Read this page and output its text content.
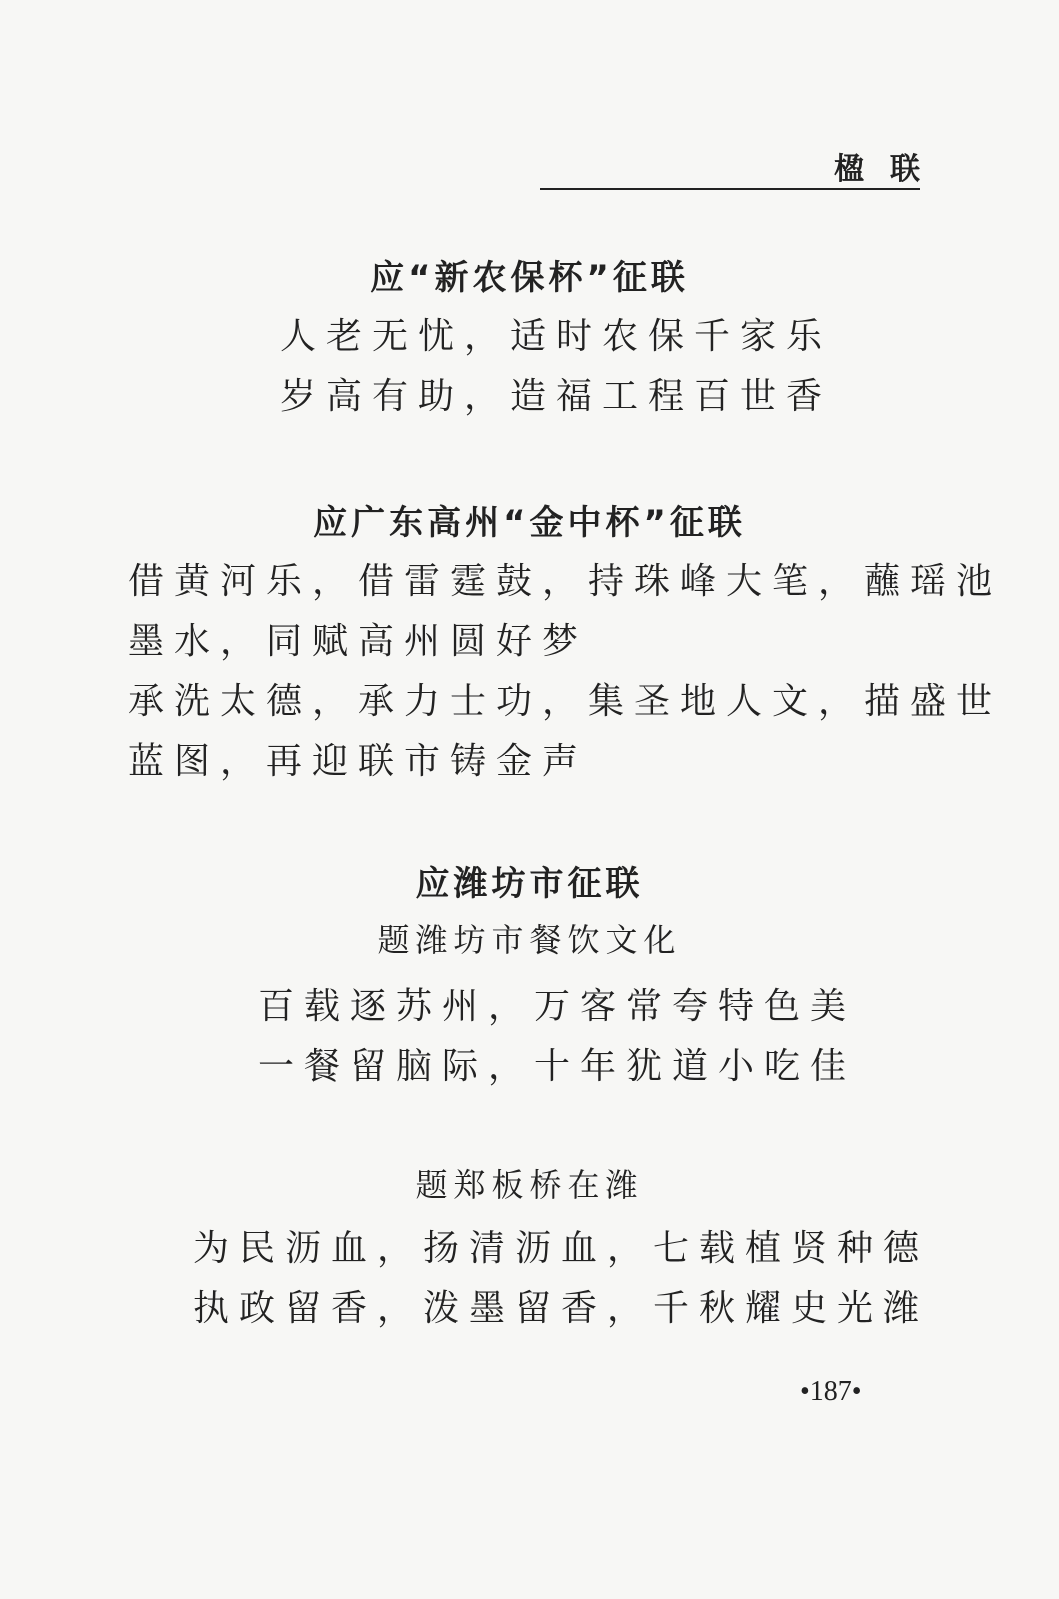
楹联
应“新农保杯”征联
人老无忧，适时农保千家乐
岁高有助，造福工程百世香
应广东高州“金中杯”征联
借黄河乐，借雷霆鼓，持珠峰大笔，蘸瑶池
墨水，同赋高州圆好梦
承洗太德，承力士功，集圣地人文，描盛世
蓝图，再迎联市铸金声
应潍坊市征联
题潍坊市餐饮文化
百载逐苏州，万客常夸特色美
一餐留脑际，十年犹道小吃佳
题郑板桥在潍
为民沥血，扬清沥血，七载植贤种德
执政留香，泼墨留香，千秋耀史光潍
•187•
